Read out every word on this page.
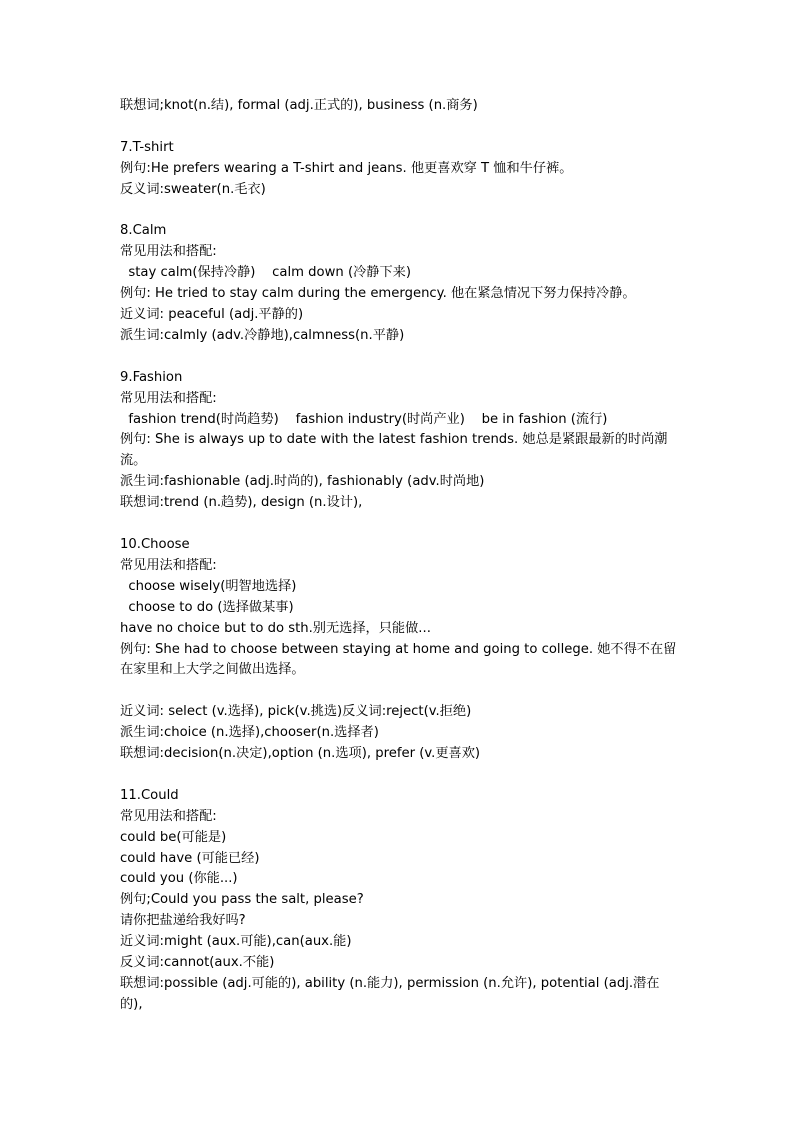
联想词;knot(n.结), formal (adj.正式的), business (n.商务)
7.T-shirt
例句:He prefers wearing a T-shirt and jeans. 他更喜欢穿 T 恤和牛仔裤。
反义词:sweater(n.毛衣)
8.Calm
常见用法和搭配:
stay calm(保持冷静)    calm down (冷静下来)
例句: He tried to stay calm during the emergency. 他在紧急情况下努力保持冷静。
近义词: peaceful (adj.平静的)
派生词:calmly (adv.冷静地),calmness(n.平静)
9.Fashion
常见用法和搭配:
fashion trend(时尚趋势)    fashion industry(时尚产业)    be in fashion (流行)
例句: She is always up to date with the latest fashion trends. 她总是紧跟最新的时尚潮流。
派生词:fashionable (adj.时尚的), fashionably (adv.时尚地)
联想词:trend (n.趋势), design (n.设计),
10.Choose
常见用法和搭配:
choose wisely(明智地选择)
choose to do (选择做某事)
have no choice but to do sth.别无选择，只能做...
例句: She had to choose between staying at home and going to college. 她不得不在留在家里和上大学之间做出选择。
近义词: select (v.选择), pick(v.挑选)反义词:reject(v.拒绝)
派生词:choice (n.选择),chooser(n.选择者)
联想词:decision(n.决定),option (n.选项), prefer (v.更喜欢)
11.Could
常见用法和搭配:
could be(可能是)
could have (可能已经)
could you (你能...)
例句;Could you pass the salt, please?
请你把盐递给我好吗?
近义词:might (aux.可能),can(aux.能)
反义词:cannot(aux.不能)
联想词:possible (adj.可能的), ability (n.能力), permission (n.允许), potential (adj.潜在的),
